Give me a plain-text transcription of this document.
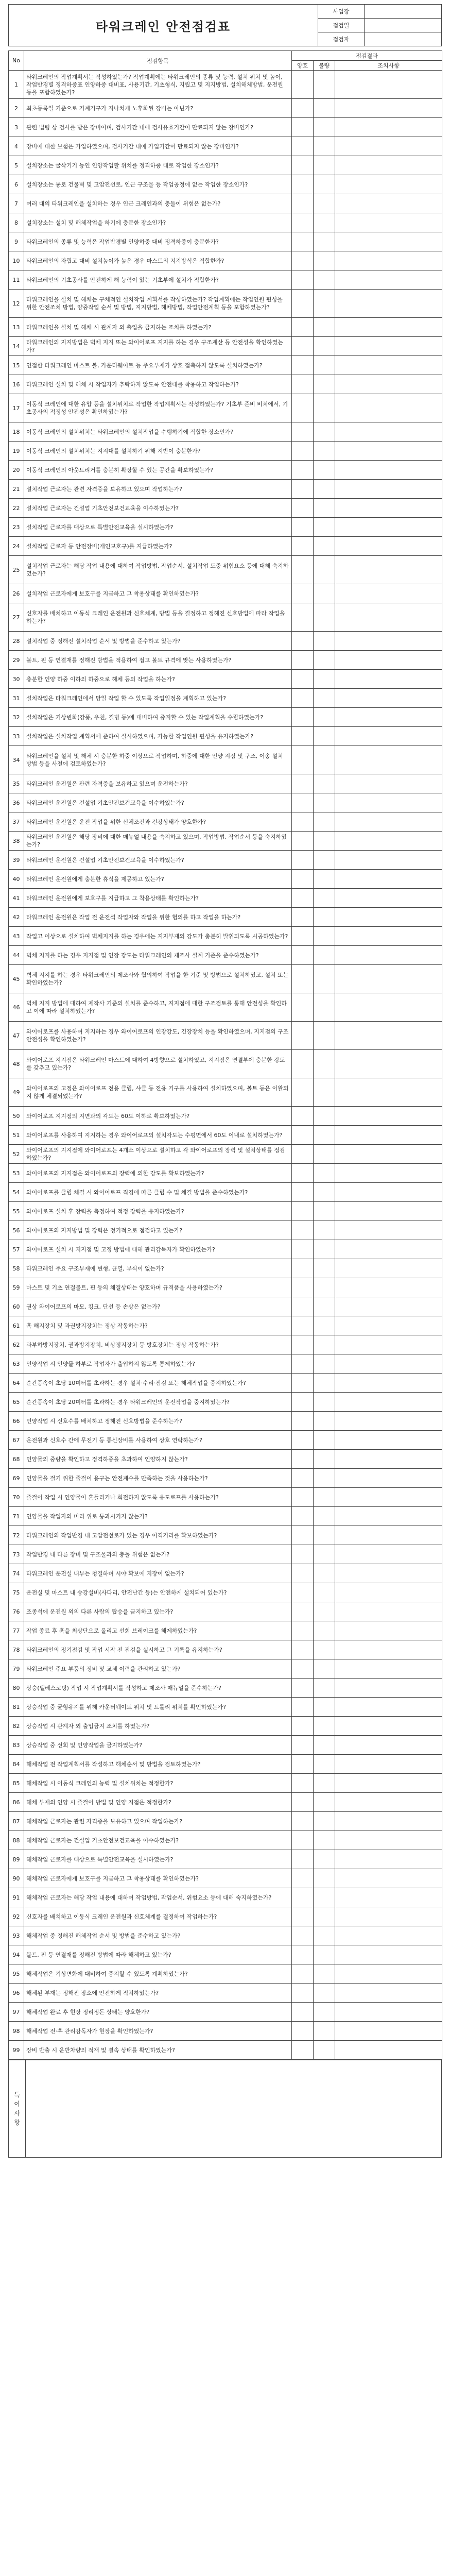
타워크레인 안전점검표	사업장	
	점검일	
	점검자	
No	점검항목	점검결과		
		양호	불량	조치사항
1	타워크레인의 작업계획서는 작성하였는가? 작업계획에는 타워크레인의 종류 및 능력, 설치 위치 및 높이, 작업반경별 정격하중표 인양하중 대비표, 사용기간, 기초형식, 지립고 및 지지방법, 설치해체방법, 운전원 등을 포함하였는가?			
2	최초등록일 기준으로 기계기구가 지나치게 노후화된 장비는 아닌가?			
3	관련 법령 상 검사를 받은 장비이며, 검사기간 내에 검사유효기간이 만료되지 않는 장비인가?			
4	장비에 대한 보험은 가입하였으며, 검사기간 내에 가입기간이 만료되지 않는 장비인가?			
5	설치장소는 굴삭기기 능인 인양작업할 위치를 정격하중 대로 작업한 장소인가?			
6	설치장소는 통로 건물벽 및 고압전선로, 인근 구조물 등 작업공정에 없는 작업한 장소인가?			
7	여러 대의 타워크레인을 설치하는 경우 인근 크레인과의 충돌이 위험은 없는가?			
8	설치장소는 설치 및 해체작업을 하기에 충분한 장소인가?			
9	타워크레인의 종류 및 능력은 작업반경별 인양하중 대비 정격하중이 충분한가?			
10	타워크레인의 자립고 대비 설치높이가 높은 경우 마스트의 지지방식은 적합한가?			
11	타워크레인의 기초공사를 안전하게 해 능력이 있는 기초부에 설치가 적합한가?			
12	타워크레인을 설치 및 해체는 구체적인 설치작업 계획서를 작성하였는가? 작업계획에는 작업인원 편성을 위한 안전조치 방법, 양중작업 순서 및 방법, 지지방법, 해체방법, 작업안전계획 등을 포함하였는가?			
13	타워크레인을 설치 및 해체 시 관계자 외 출입을 금지하는 조치를 하였는가?			
14	타워크레인의 지지방법은 벽체 지지 또는 와이어로프 지지를 하는 경우 구조계산 등 안전성을 확인하였는가?			
15	인접한 타워크레인 마스트 볼, 카운터웨이트 등 주요부재가 상호 접촉하지 않도록 설치하였는가?			
16	타워크레인 설치 및 해체 시 작업자가 추락하지 않도록 안전대를 착용하고 작업하는가?			
17	이동식 크레인에 대한 유압 등을 설치위치로 작업한 작업계획서는 작성하였는가? 기초부 준비 비치에서, 기초공사의 적정성 안전성은 확인하였는가?			
18	이동식 크레인의 설치위치는 타워크레인의 설치작업을 수행하기에 적합한 장소인가?			
19	이동식 크레인의 설치위치는 지지대를 설치하기 위해 지반이 충분한가?			
20	이동식 크레인의 아웃트리거를 충분히 확장할 수 있는 공간을 확보하였는가?			
21	설치작업 근로자는 관련 자격증을 보유하고 있으며 작업하는가?			
22	설치작업 근로자는 건설업 기초안전보건교육을 이수하였는가?			
23	설치작업 근로자를 대상으로 특별안전교육을 실시하였는가?			
24	설치작업 근로자 등 안전장비(개인보호구)를 지급하였는가?			
25	설치작업 근로자는 해당 작업 내용에 대하여 작업방법, 작업순서, 설치작업 도중 위험요소 등에 대해 숙지하였는가?			
26	설치작업 근로자에게 보호구를 지급하고 그 착용상태를 확인하였는가?			
27	신호자를 배치하고 이동식 크레인 운전원과 신호체계, 방법 등을 결정하고 정해진 신호방법에 따라 작업을 하는가?			
28	설치작업 중 정해진 설치작업 순서 및 방법을 준수하고 있는가?			
29	볼트, 핀 등 연결재를 정해진 방법을 적용하여 접고 볼트 규격에 맞는 사용하였는가?			
30	충분한 인양 하중 이하의 하중으로 해체 등의 작업을 하는가?			
31	설치작업은 타워크레인에서 당일 작업 할 수 있도록 작업일정을 계획하고 있는가?			
32	설치작업은 기상변화(강풍, 우천, 결빙 등)에 대비하여 중지할 수 있는 작업계획을 수립하였는가?			
33	설치작업은 설치작업 계획서에 준하여 실시하였으며, 가능한 작업인원 편성을 유지하였는가?			
34	타워크레인을 설치 및 해체 시 충분한 하중 이상으로 작업하며, 하중에 대한 인양 지점 및 구조, 이송 설치 방법 등을 사전에 검토하였는가?			
35	타워크레인 운전원은 관련 자격증을 보유하고 있으며 운전하는가?			
36	타워크레인 운전원은 건설업 기초안전보건교육을 이수하였는가?			
37	타워크레인 운전원은 운전 작업을 위한 신체조건과 건강상태가 양호한가?			
38	타워크레인 운전원은 해당 장비에 대한 매뉴얼 내용을 숙지하고 있으며, 작업방법, 작업순서 등을 숙지하였는가?			
39	타워크레인 운전원은 건설업 기초안전보건교육을 이수하였는가?			
40	타워크레인 운전원에게 충분한 휴식을 제공하고 있는가?			
41	타워크레인 운전원에게 보호구를 지급하고 그 착용상태를 확인하는가?			
42	타워크레인 운전원은 작업 전 운전석 작업자와 작업을 위한 협의를 하고 작업을 하는가?			
43	작업고 이상으로 설치하여 벽체지지를 하는 경우에는 지지부재의 강도가 충분히 발휘되도록 시공하였는가?			
44	벽체 지지를 하는 경우 지지점 및 인장 강도는 타워크레인의 제조사 설계 기준을 준수하였는가?			
45	벽체 지지를 하는 경우 타워크레인의 제조사와 협의하여 작업을 한 기준 및 방법으로 설치하였고, 설치 또는 확인하였는가?			
46	벽체 지지 방법에 대하여 제작사 기준의 설치를 준수하고, 지지점에 대한 구조검토를 통해 안전성을 확인하고 이에 따라 설치하였는가?			
47	와이어로프를 사용하여 지지하는 경우 와이어로프의 인장강도, 긴장장치 등을 확인하였으며, 지지점의 구조안전성을 확인하였는가?			
48	와이어로프 지지점은 타워크레인 마스트에 대하여 4방향으로 설치하였고, 지지점은 연결부에 충분한 강도를 갖추고 있는가?			
49	와이어로프의 고정은 와이어로프 전용 클립, 샤클 등 전용 기구를 사용하여 설치하였으며, 볼트 등은 이완되지 않게 체결되었는가?			
50	와이어로프 지지점의 지면과의 각도는 60도 이하로 확보하였는가?			
51	와이어로프를 사용하여 지지하는 경우 와이어로프의 설치각도는 수평면에서 60도 이내로 설치하였는가?			
52	와이어로프의 지지점에 와이어로프는 4개소 이상으로 설치하고 각 와이어로프의 장력 및 설치상태를 점검하였는가?			
53	와이어로프의 지지점은 와이어로프의 장력에 의한 강도를 확보하였는가?			
54	와이어로프를 클립 체결 시 와이어로프 직경에 따른 클립 수 및 체결 방법을 준수하였는가?			
55	와이어로프 설치 후 장력을 측정하여 적정 장력을 유지하였는가?			
56	와이어로프의 지지방법 및 장력은 정기적으로 점검하고 있는가?			
57	와이어로프 설치 시 지지점 및 고정 방법에 대해 관리감독자가 확인하였는가?			
58	타워크레인 주요 구조부재에 변형, 균열, 부식이 없는가?			
59	마스트 및 기초 연결볼트, 핀 등의 체결상태는 양호하며 규격품을 사용하였는가?			
60	권상 와이어로프의 마모, 킹크, 단선 등 손상은 없는가?			
61	훅 해지장치 및 과권방지장치는 정상 작동하는가?			
62	과부하방지장치, 권과방지장치, 비상정지장치 등 방호장치는 정상 작동하는가?			
63	인양작업 시 인양물 하부로 작업자가 출입하지 않도록 통제하였는가?			
64	순간풍속이 초당 10미터를 초과하는 경우 설치·수리·점검 또는 해체작업을 중지하였는가?			
65	순간풍속이 초당 20미터를 초과하는 경우 타워크레인의 운전작업을 중지하였는가?			
66	인양작업 시 신호수를 배치하고 정해진 신호방법을 준수하는가?			
67	운전원과 신호수 간에 무전기 등 통신장비를 사용하여 상호 연락하는가?			
68	인양물의 중량을 확인하고 정격하중을 초과하여 인양하지 않는가?			
69	인양물을 걸기 위한 줄걸이 용구는 안전계수를 만족하는 것을 사용하는가?			
70	줄걸이 작업 시 인양물이 흔들리거나 회전하지 않도록 유도로프를 사용하는가?			
71	인양물을 작업자의 머리 위로 통과시키지 않는가?			
72	타워크레인의 작업반경 내 고압전선로가 있는 경우 이격거리를 확보하였는가?			
73	작업반경 내 다른 장비 및 구조물과의 충돌 위험은 없는가?			
74	타워크레인 운전실 내부는 청결하며 시야 확보에 지장이 없는가?			
75	운전실 및 마스트 내 승강설비(사다리, 안전난간 등)는 안전하게 설치되어 있는가?			
76	조종석에 운전원 외의 다른 사람의 탑승을 금지하고 있는가?			
77	작업 종료 후 훅을 최상단으로 올리고 선회 브레이크를 해제하였는가?			
78	타워크레인의 정기점검 및 작업 시작 전 점검을 실시하고 그 기록을 유지하는가?			
79	타워크레인 주요 부품의 정비 및 교체 이력을 관리하고 있는가?			
80	상승(텔레스코핑) 작업 시 작업계획서를 작성하고 제조사 매뉴얼을 준수하는가?			
81	상승작업 중 균형유지를 위해 카운터웨이트 위치 및 트롤리 위치를 확인하였는가?			
82	상승작업 시 관계자 외 출입금지 조치를 하였는가?			
83	상승작업 중 선회 및 인양작업을 금지하였는가?			
84	해체작업 전 작업계획서를 작성하고 해체순서 및 방법을 검토하였는가?			
85	해체작업 시 이동식 크레인의 능력 및 설치위치는 적정한가?			
86	해체 부재의 인양 시 줄걸이 방법 및 인양 지점은 적정한가?			
87	해체작업 근로자는 관련 자격증을 보유하고 있으며 작업하는가?			
88	해체작업 근로자는 건설업 기초안전보건교육을 이수하였는가?			
89	해체작업 근로자를 대상으로 특별안전교육을 실시하였는가?			
90	해체작업 근로자에게 보호구를 지급하고 그 착용상태를 확인하였는가?			
91	해체작업 근로자는 해당 작업 내용에 대하여 작업방법, 작업순서, 위험요소 등에 대해 숙지하였는가?			
92	신호자를 배치하고 이동식 크레인 운전원과 신호체계를 결정하여 작업하는가?			
93	해체작업 중 정해진 해체작업 순서 및 방법을 준수하고 있는가?			
94	볼트, 핀 등 연결재를 정해진 방법에 따라 해체하고 있는가?			
95	해체작업은 기상변화에 대비하여 중지할 수 있도록 계획하였는가?			
96	해체된 부재는 정해진 장소에 안전하게 적치하였는가?			
97	해체작업 완료 후 현장 정리정돈 상태는 양호한가?			
98	해체작업 전·후 관리감독자가 현장을 확인하였는가?			
99	장비 반출 시 운반차량의 적재 및 결속 상태를 확인하였는가?			
특
이
사
항	
